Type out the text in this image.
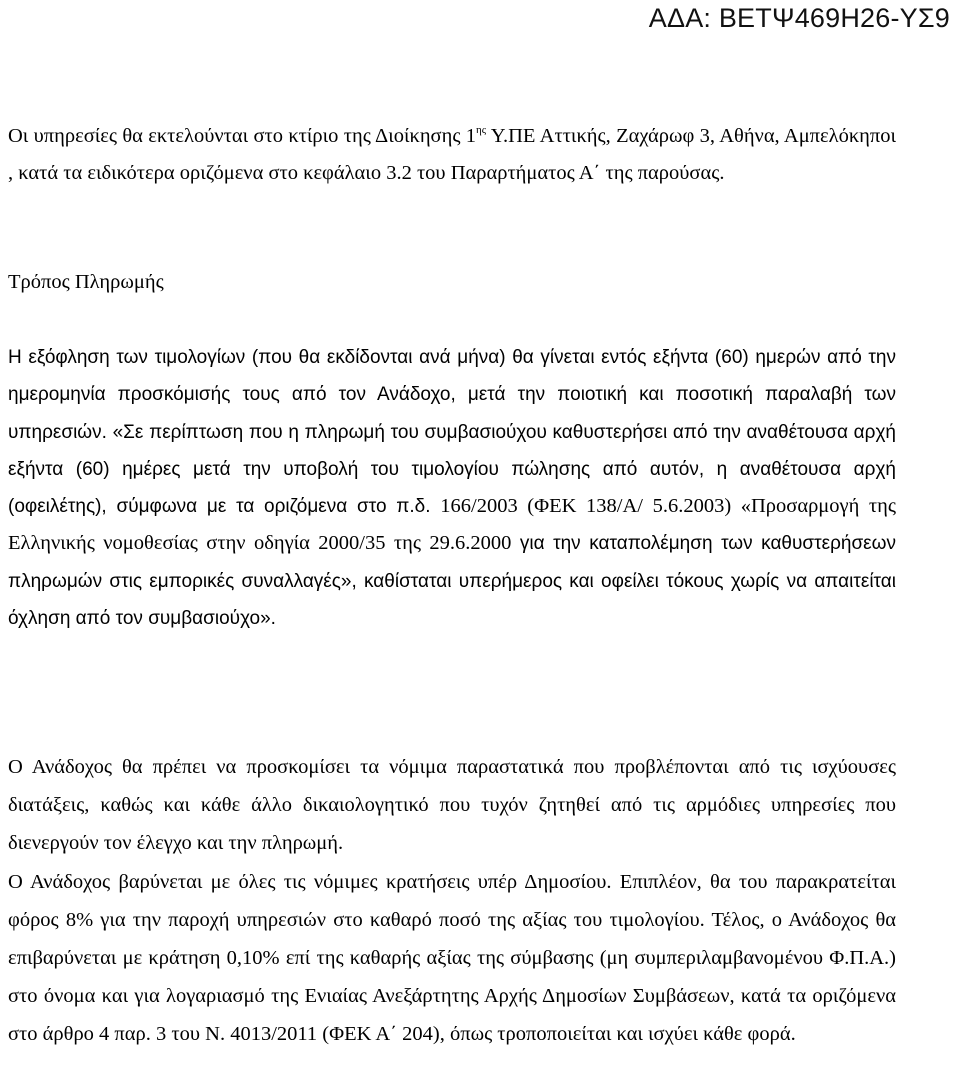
ΑΔΑ: ΒΕΤΨ469Η26-ΥΣ9

Οι υπηρεσίες θα εκτελούνται στο κτίριο της Διοίκησης $1^{\eta\varsigma}$ Υ.ΠΕ Αττικής, Ζαχάρωφ 3, Αθήνα, Αμπελόκηποι , κατά τα ειδικότερα οριζόμενα στο κεφάλαιο 3.2 του Παραρτήματος Α΄ της παρούσας.

Τρόπος Πληρωμής

Η εξόφληση των τιμολογίων (που θα εκδίδονται ανά μήνα) θα γίνεται εντός εξήντα (60) ημερών από την ημερομηνία προσκόμισής τους από τον Ανάδοχο, μετά την ποιοτική και ποσοτική παραλαβή των υπηρεσιών. «Σε περίπτωση που η πληρωμή του συμβασιούχου καθυστερήσει από την αναθέτουσα αρχή εξήντα (60) ημέρες μετά την υποβολή του τιμολογίου πώλησης από αυτόν, η αναθέτουσα αρχή (οφειλέτης), σύμφωνα με τα οριζόμενα στο π.δ. 166/2003 (ΦΕΚ 138/Α/ 5.6.2003) «Προσαρμογή της Ελληνικής νομοθεσίας στην οδηγία 2000/35 της 29.6.2000 για την καταπολέμηση των καθυστερήσεων πληρωμών στις εμπορικές συναλλαγές», καθίσταται υπερήμερος και οφείλει τόκους χωρίς να απαιτείται όχληση από τον συμβασιούχο».

Ο Ανάδοχος θα πρέπει να προσκομίσει τα νόμιμα παραστατικά που προβλέπονται από τις ισχύουσες διατάξεις, καθώς και κάθε άλλο δικαιολογητικό που τυχόν ζητηθεί από τις αρμόδιες υπηρεσίες που διενεργούν τον έλεγχο και την πληρωμή.

Ο Ανάδοχος βαρύνεται με όλες τις νόμιμες κρατήσεις υπέρ Δημοσίου. Επιπλέον, θα του παρακρατείται φόρος 8% για την παροχή υπηρεσιών στο καθαρό ποσό της αξίας του τιμολογίου. Τέλος, ο Ανάδοχος θα επιβαρύνεται με κράτηση 0,10% επί της καθαρής αξίας της σύμβασης (μη συμπεριλαμβανομένου Φ.Π.Α.) στο όνομα και για λογαριασμό της Ενιαίας Ανεξάρτητης Αρχής Δημοσίων Συμβάσεων, κατά τα οριζόμενα στο άρθρο 4 παρ. 3 του Ν. 4013/2011 (ΦΕΚ Α΄ 204), όπως τροποποιείται και ισχύει κάθε φορά.
